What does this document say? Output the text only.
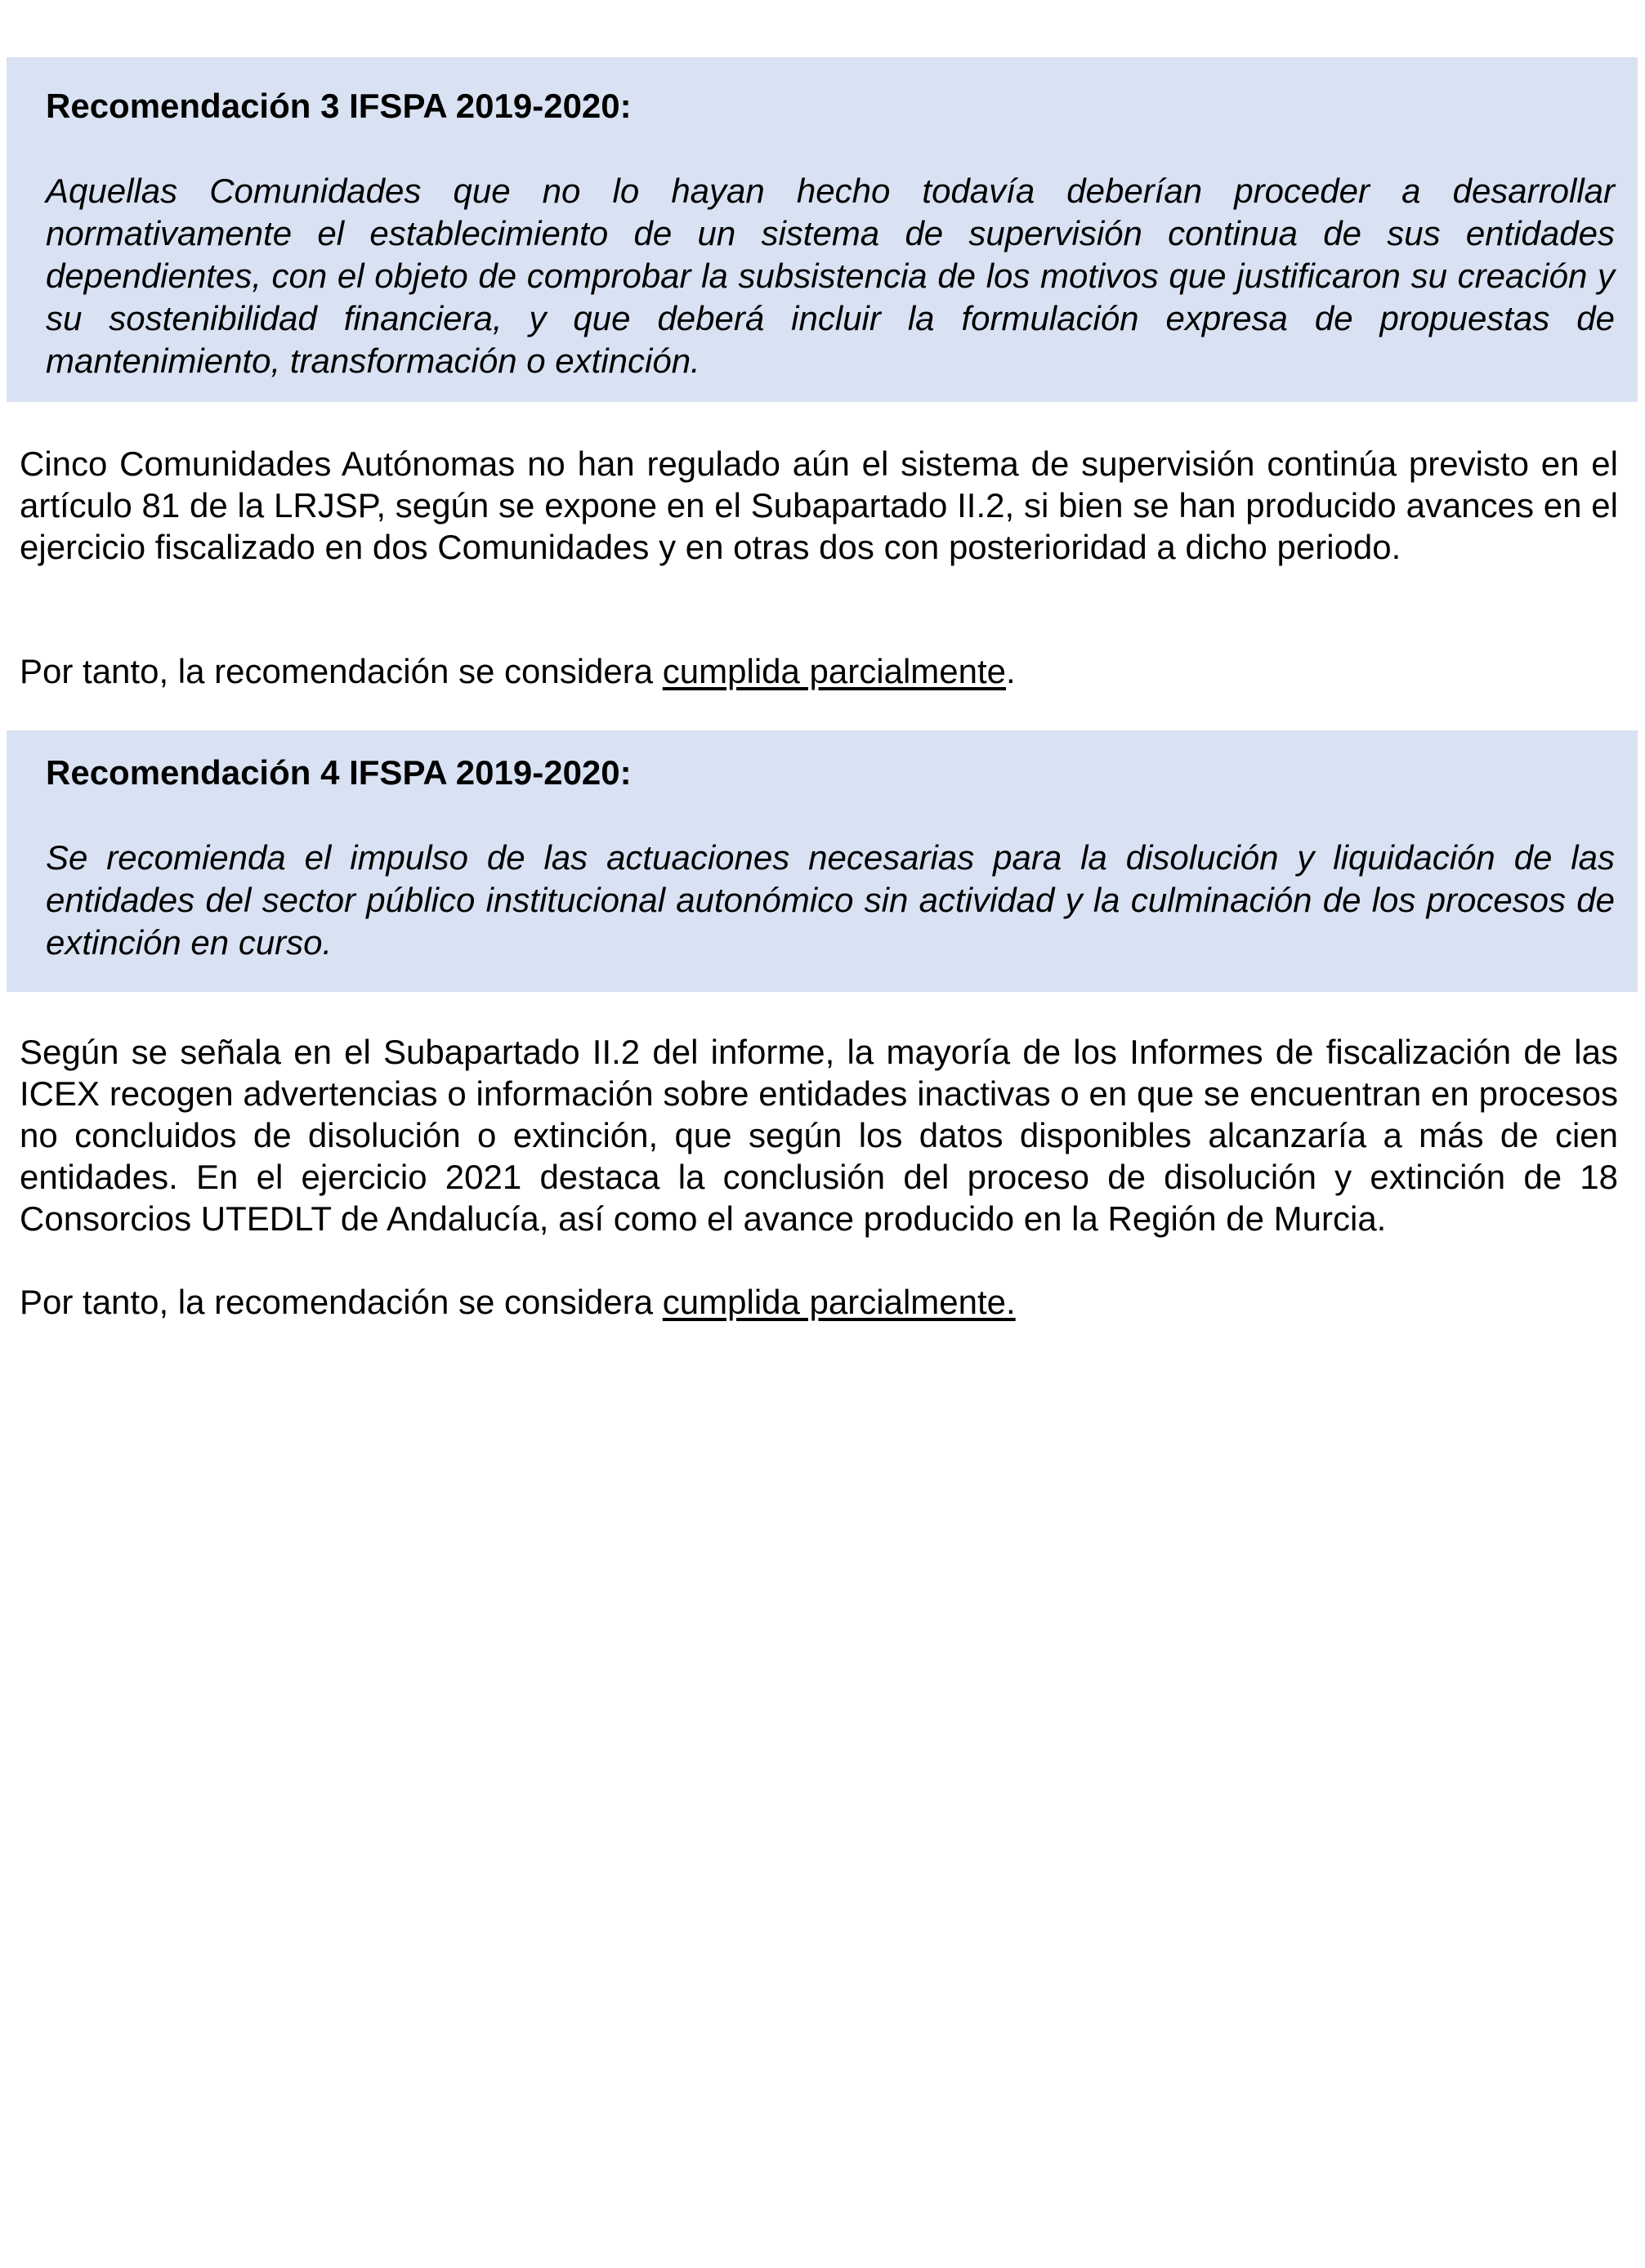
Recomendación 3 IFSPA 2019-2020:

Aquellas Comunidades que no lo hayan hecho todavía deberían proceder a desarrollar normativamente el establecimiento de un sistema de supervisión continua de sus entidades dependientes, con el objeto de comprobar la subsistencia de los motivos que justificaron su creación y su sostenibilidad financiera, y que deberá incluir la formulación expresa de propuestas de mantenimiento, transformación o extinción.

Cinco Comunidades Autónomas no han regulado aún el sistema de supervisión continúa previsto en el artículo 81 de la LRJSP, según se expone en el Subapartado II.2, si bien se han producido avances en el ejercicio fiscalizado en dos Comunidades y en otras dos con posterioridad a dicho periodo.

Por tanto, la recomendación se considera cumplida parcialmente.

Recomendación 4 IFSPA 2019-2020:

Se recomienda el impulso de las actuaciones necesarias para la disolución y liquidación de las entidades del sector público institucional autonómico sin actividad y la culminación de los procesos de extinción en curso.

Según se señala en el Subapartado II.2 del informe, la mayoría de los Informes de fiscalización de las ICEX recogen advertencias o información sobre entidades inactivas o en que se encuentran en procesos no concluidos de disolución o extinción, que según los datos disponibles alcanzaría a más de cien entidades. En el ejercicio 2021 destaca la conclusión del proceso de disolución y extinción de 18 Consorcios UTEDLT de Andalucía, así como el avance producido en la Región de Murcia.

Por tanto, la recomendación se considera cumplida parcialmente.
